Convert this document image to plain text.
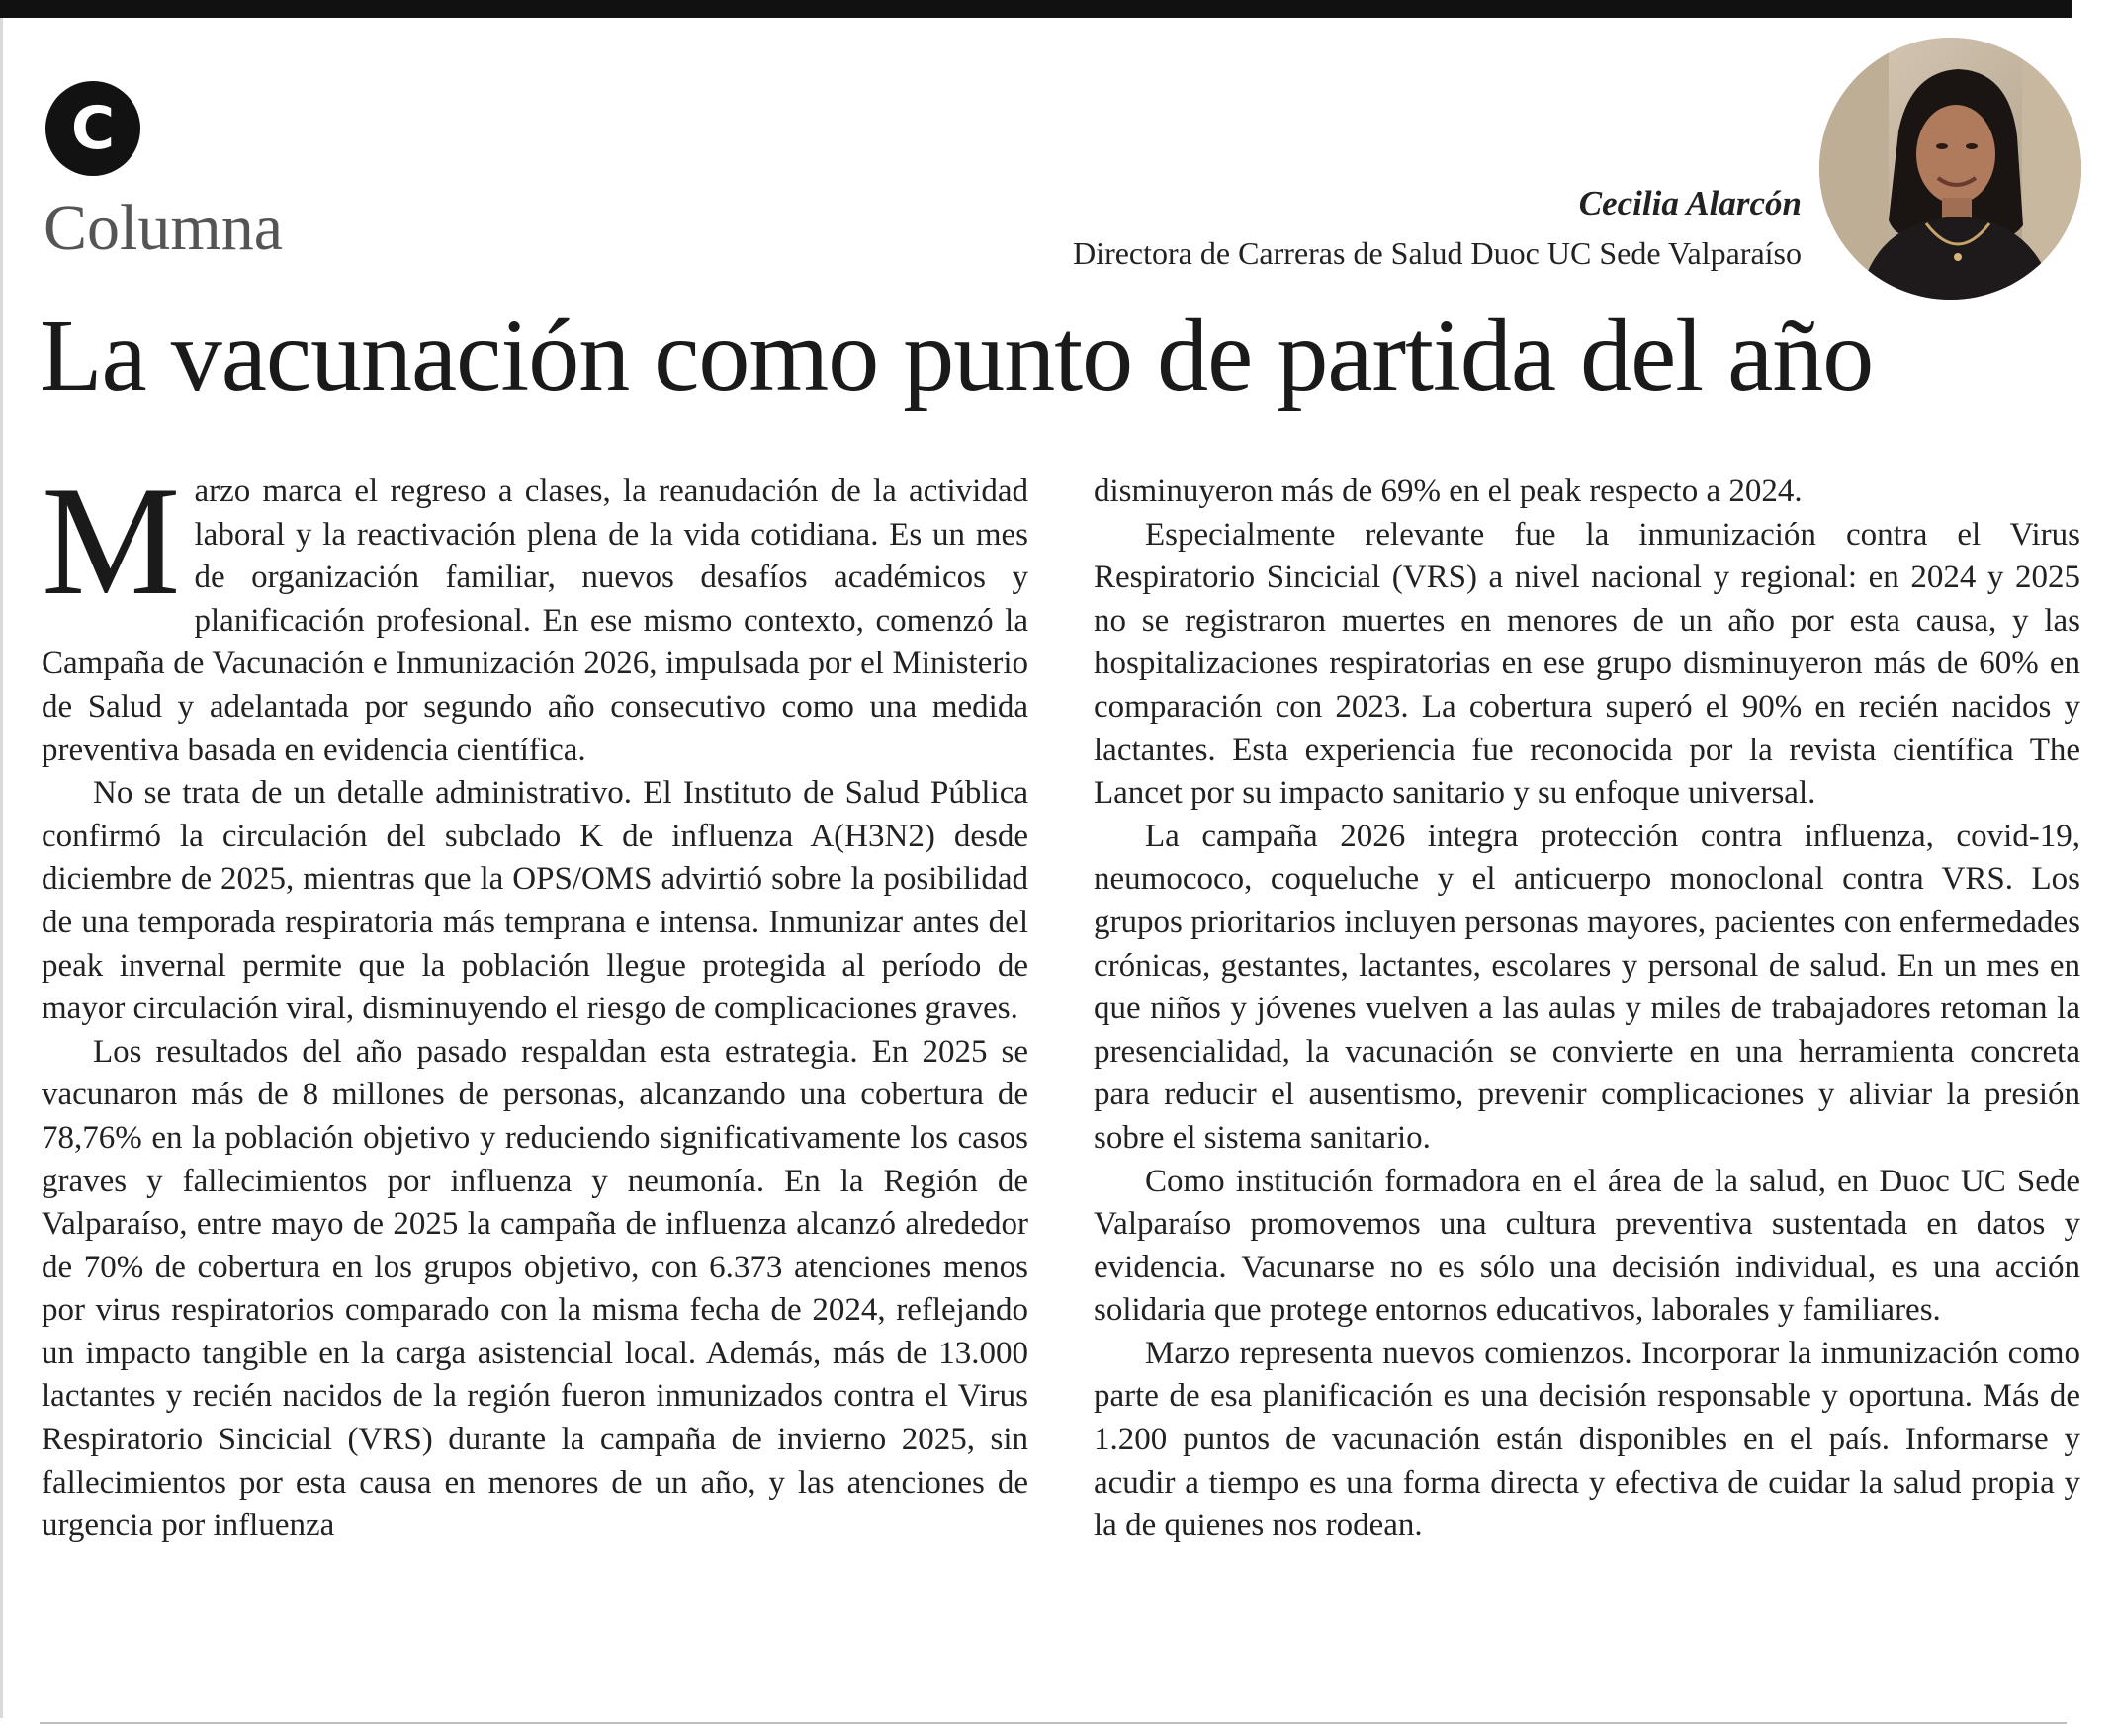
C
Columna	Cecilia Alarcón
Directora de Carreras de Salud Duoc UC Sede Valparaíso
La vacunación como punto de partida del año

Marzo marca el regreso a clases, la reanudación de la actividad laboral y la reactivación plena de la vida cotidiana. Es un mes de organización familiar, nuevos desafíos académicos y planificación profesional. En ese mismo contexto, comenzó la Campaña de Vacunación e Inmunización 2026, impulsada por el Ministerio de Salud y adelantada por segundo año consecutivo como una medida preventiva basada en evidencia científica.

No se trata de un detalle administrativo. El Instituto de Salud Pública confirmó la circulación del subclado K de influenza A(H3N2) desde diciembre de 2025, mientras que la OPS/OMS advirtió sobre la posibilidad de una temporada respiratoria más temprana e intensa. Inmunizar antes del peak invernal permite que la población llegue protegida al período de mayor circulación viral, disminuyendo el riesgo de complicaciones graves.

Los resultados del año pasado respaldan esta estrategia. En 2025 se vacunaron más de 8 millones de personas, alcanzando una cobertura de 78,76% en la población objetivo y reduciendo significativamente los casos graves y fallecimientos por influenza y neumonía. En la Región de Valparaíso, entre mayo de 2025 la campaña de influenza alcanzó alrededor de 70% de cobertura en los grupos objetivo, con 6.373 atenciones menos por virus respiratorios comparado con la misma fecha de 2024, reflejando un impacto tangible en la carga asistencial local. Además, más de 13.000 lactantes y recién nacidos de la región fueron inmunizados contra el Virus Respiratorio Sincicial (VRS) durante la campaña de invierno 2025, sin fallecimientos por esta causa en menores de un año, y las atenciones de urgencia por influenza

disminuyeron más de 69% en el peak respecto a 2024.

Especialmente relevante fue la inmunización contra el Virus Respiratorio Sincicial (VRS) a nivel nacional y regional: en 2024 y 2025 no se registraron muertes en menores de un año por esta causa, y las hospitalizaciones respiratorias en ese grupo disminuyeron más de 60% en comparación con 2023. La cobertura superó el 90% en recién nacidos y lactantes. Esta experiencia fue reconocida por la revista científica The Lancet por su impacto sanitario y su enfoque universal.

La campaña 2026 integra protección contra influenza, covid-19, neumococo, coqueluche y el anticuerpo monoclonal contra VRS. Los grupos prioritarios incluyen personas mayores, pacientes con enfermedades crónicas, gestantes, lactantes, escolares y personal de salud. En un mes en que niños y jóvenes vuelven a las aulas y miles de trabajadores retoman la presencialidad, la vacunación se convierte en una herramienta concreta para reducir el ausentismo, prevenir complicaciones y aliviar la presión sobre el sistema sanitario.

Como institución formadora en el área de la salud, en Duoc UC Sede Valparaíso promovemos una cultura preventiva sustentada en datos y evidencia. Vacunarse no es sólo una decisión individual, es una acción solidaria que protege entornos educativos, laborales y familiares.

Marzo representa nuevos comienzos. Incorporar la inmunización como parte de esa planificación es una decisión responsable y oportuna. Más de 1.200 puntos de vacunación están disponibles en el país. Informarse y acudir a tiempo es una forma directa y efectiva de cuidar la salud propia y la de quienes nos rodean.
